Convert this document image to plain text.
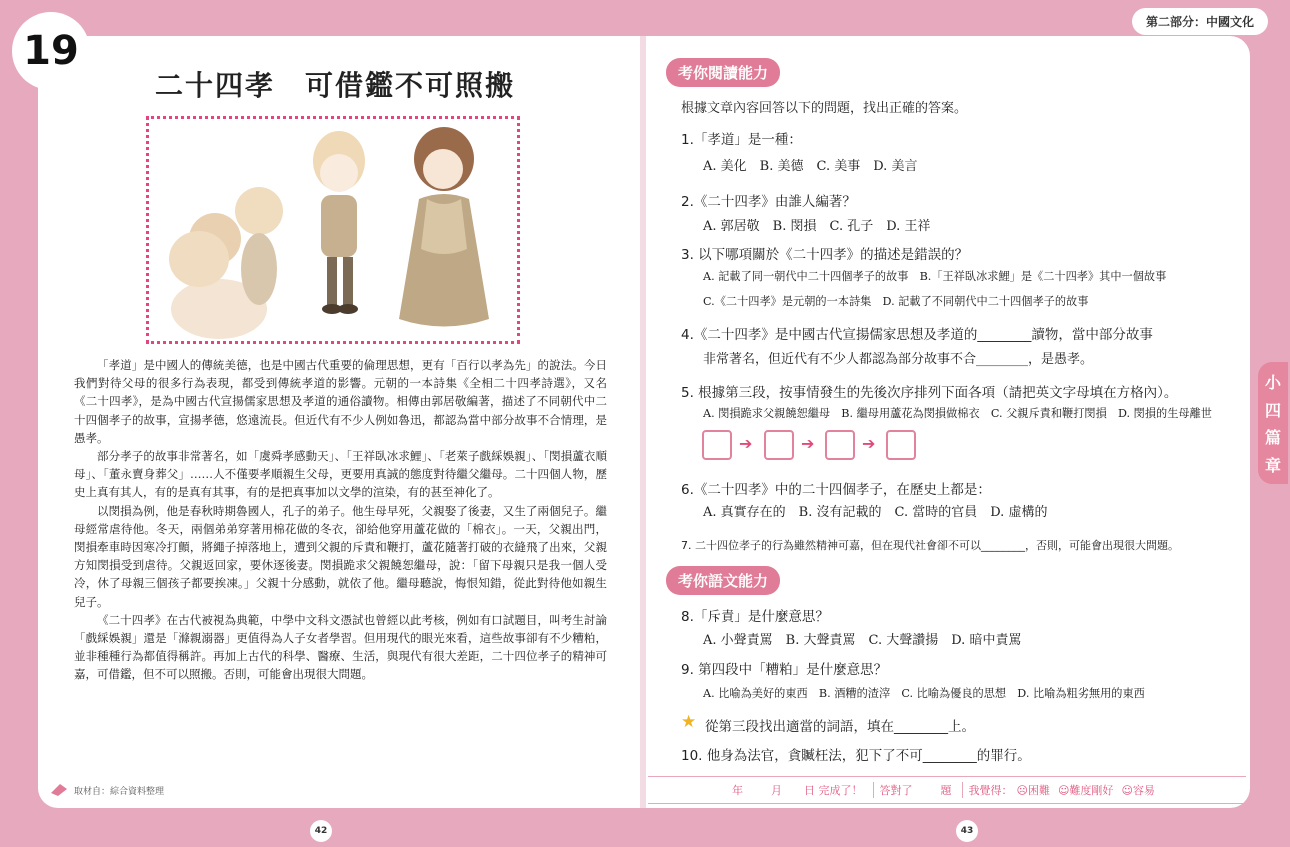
19
第二部分：中國文化
小
四
篇
章
二十四孝　可借鑑不可照搬

「孝道」是中國人的傳統美德，也是中國古代重要的倫理思想，更有「百行以孝為先」的說法。今日我們對待父母的很多行為表現，都受到傳統孝道的影響。元朝的一本詩集《全相二十四孝詩選》，又名《二十四孝》，是為中國古代宣揚儒家思想及孝道的通俗讀物。相傳由郭居敬編著，描述了不同朝代中二十四個孝子的故事，宣揚孝德，悠遠流長。但近代有不少人例如魯迅，都認為當中部分故事不合情理，是愚孝。

部分孝子的故事非常著名，如「虞舜孝感動天」、「王祥臥冰求鯉」、「老萊子戲綵娛親」、「閔損蘆衣順母」、「董永賣身葬父」……人不僅要孝順親生父母，更要用真誠的態度對待繼父繼母。二十四個人物，歷史上真有其人，有的是真有其事，有的是把真事加以文學的渲染，有的甚至神化了。

以閔損為例，他是春秋時期魯國人，孔子的弟子。他生母早死，父親娶了後妻，又生了兩個兒子。繼母經常虐待他。冬天，兩個弟弟穿著用棉花做的冬衣，卻給他穿用蘆花做的「棉衣」。一天，父親出門，閔損牽車時因寒冷打顫，將繩子掉落地上，遭到父親的斥責和鞭打，蘆花隨著打破的衣縫飛了出來，父親方知閔損受到虐待。父親返回家，要休逐後妻。閔損跪求父親饒恕繼母，說：「留下母親只是我一個人受冷，休了母親三個孩子都要挨凍。」父親十分感動，就依了他。繼母聽說，悔恨知錯，從此對待他如親生兒子。

《二十四孝》在古代被視為典範，中學中文科文憑試也曾經以此考核，例如有口試題目，叫考生討論「戲綵娛親」還是「滌親溺器」更值得為人子女者學習。但用現代的眼光來看，這些故事卻有不少糟粕，並非種種行為都值得稱許。再加上古代的科學、醫療、生活，與現代有很大差距，二十四位孝子的精神可嘉，可借鑑，但不可以照搬。否則，可能會出現很大問題。

取材自：綜合資料整理
42
考你閱讀能力
根據文章內容回答以下的問題，找出正確的答案。
1.「孝道」是一種：
A. 美化　B. 美德　C. 美事　D. 美言
2.《二十四孝》由誰人編著？
A. 郭居敬　B. 閔損　C. 孔子　D. 王祥
3. 以下哪項關於《二十四孝》的描述是錯誤的？
A. 記載了同一朝代中二十四個孝子的故事　B.「王祥臥冰求鯉」是《二十四孝》其中一個故事
C.《二十四孝》是元朝的一本詩集　D. 記載了不同朝代中二十四個孝子的故事
4.《二十四孝》是中國古代宣揚儒家思想及孝道的________讀物，當中部分故事
非常著名，但近代有不少人都認為部分故事不合________，是愚孝。
5. 根據第三段，按事情發生的先後次序排列下面各項（請把英文字母填在方格內）。
A. 閔損跪求父親饒恕繼母　B. 繼母用蘆花為閔損做棉衣　C. 父親斥責和鞭打閔損　D. 閔損的生母離世
➔	➔	➔
6.《二十四孝》中的二十四個孝子，在歷史上都是：
A. 真實存在的　B. 沒有記載的　C. 當時的官員　D. 虛構的
7. 二十四位孝子的行為雖然精神可嘉，但在現代社會卻不可以________，否則，可能會出現很大問題。
考你語文能力
8.「斥責」是什麼意思？
A. 小聲責罵　B. 大聲責罵　C. 大聲讚揚　D. 暗中責罵
9. 第四段中「糟粕」是什麼意思？
A. 比喻為美好的東西　B. 酒糟的渣滓　C. 比喻為優良的思想　D. 比喻為粗劣無用的東西
★ 從第三段找出適當的詞語，填在________上。
10. 他身為法官，貪贓枉法，犯下了不可________的罪行。
年	月 日 完成了！	答對了	題	我覺得： ☹困難 ☺難度剛好 ☺容易
43
